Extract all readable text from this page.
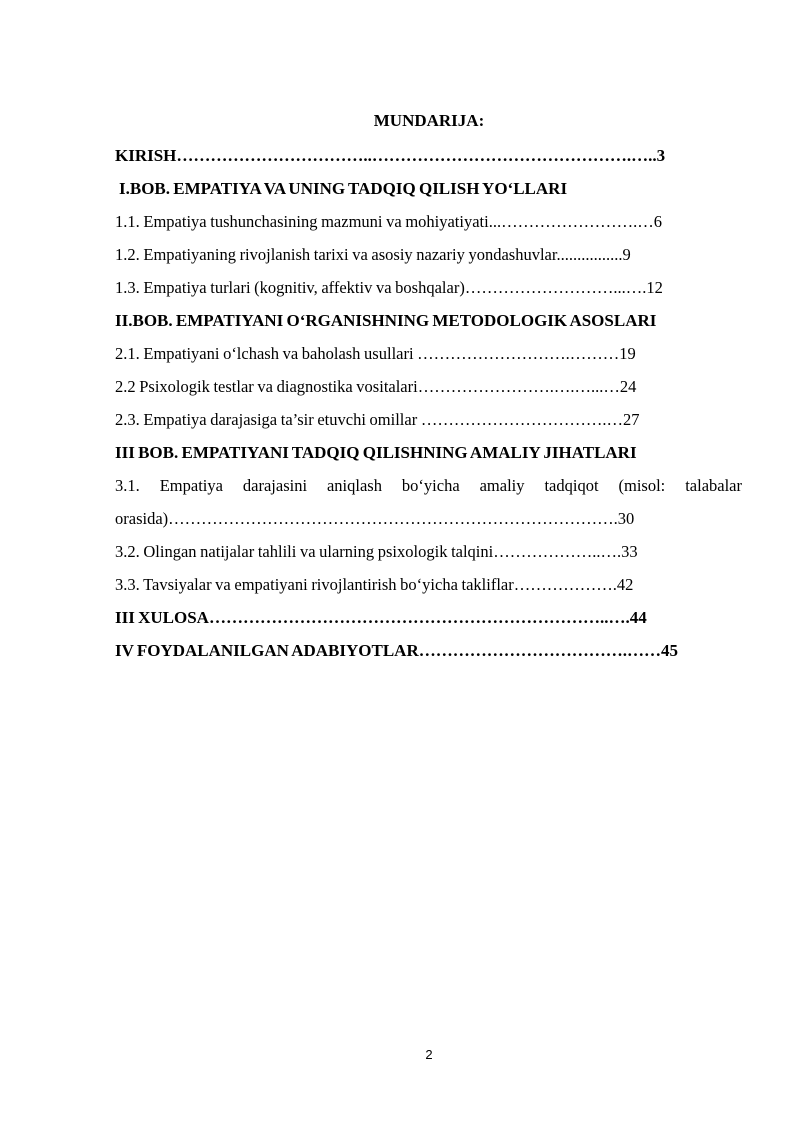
MUNDARIJA:
KIRISH……………………………..……………………………………….…..3
I.BOB. EMPATIYA VA UNING TADQIQ QILISH YO‘LLARI
1.1. Empatiya tushunchasining mazmuni va mohiyatiyati...…………………….…6
1.2. Empatiyaning rivojlanish tarixi va asosiy nazariy yondashuvlar................9
1.3. Empatiya turlari (kognitiv, affektiv va boshqalar)………………………...….12
II.BOB. EMPATIYANI O‘RGANISHNING METODOLOGIK ASOSLARI
2.1. Empatiyani o‘lchash va baholash usullari ……………………….………19
2.2 Psixologik testlar va diagnostika vositalari…………………….….…...…24
2.3. Empatiya darajasiga ta’sir etuvchi omillar …………………………….…27
III BOB. EMPATIYANI TADQIQ QILISHNING AMALIY JIHATLARI
3.1. Empatiya darajasini aniqlash bo‘yicha amaliy tadqiqot (misol: talabalar
orasida)……………………………………………………………………….30
3.2. Olingan natijalar tahlili va ularning psixologik talqini………………..….33
3.3. Tavsiyalar va empatiyani rivojlantirish bo‘yicha takliflar……………….42
III XULOSA……………………………………………………………..….44
IV FOYDALANILGAN ADABIYOTLAR……………………………….……45
2
